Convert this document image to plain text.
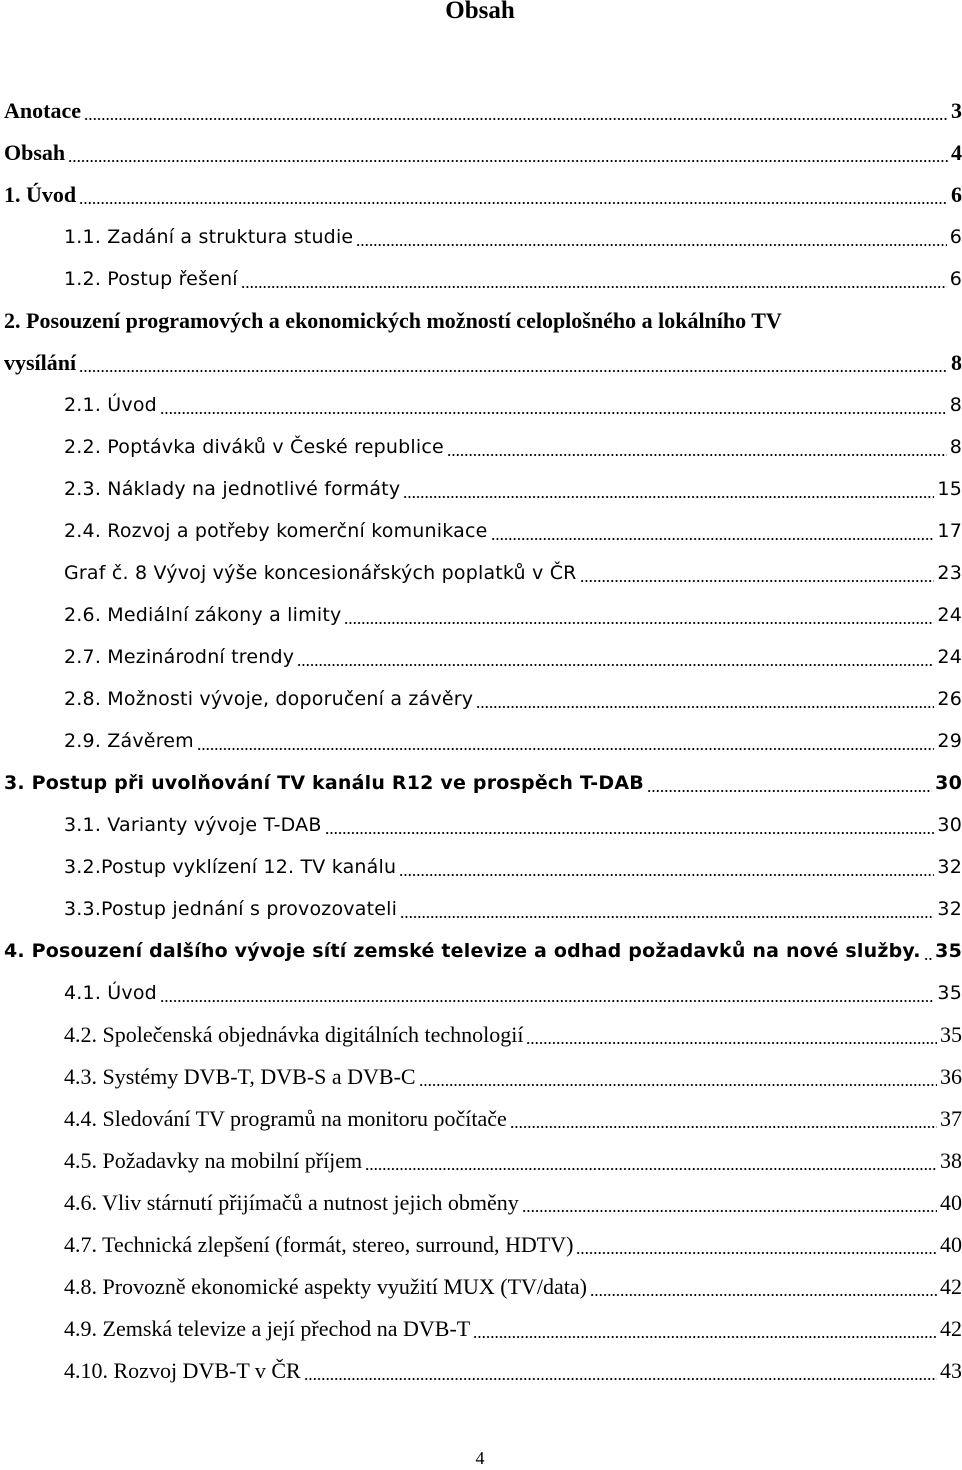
Obsah
Anotace	3
Obsah	4
1. Úvod	6
1.1. Zadání a struktura studie	6
1.2. Postup řešení	6
2. Posouzení programových a ekonomických možností celoplošného a lokálního TV
vysílání	8
2.1. Úvod	8
2.2. Poptávka diváků v České republice	8
2.3. Náklady na jednotlivé formáty	15
2.4. Rozvoj a potřeby komerční komunikace	17
Graf č. 8 Vývoj výše koncesionářských poplatků v ČR	23
2.6. Mediální zákony a limity	24
2.7. Mezinárodní trendy	24
2.8. Možnosti vývoje, doporučení a závěry	26
2.9. Závěrem	29
3. Postup při uvolňování TV kanálu R12 ve prospěch T-DAB	30
3.1. Varianty vývoje T-DAB	30
3.2.Postup vyklízení 12. TV kanálu	32
3.3.Postup jednání s provozovateli	32
4. Posouzení dalšího vývoje sítí zemské televize a odhad požadavků na nové služby. 35
4.1. Úvod	35
4.2. Společenská objednávka digitálních technologií	35
4.3. Systémy DVB-T, DVB-S a DVB-C	36
4.4. Sledování TV programů na monitoru počítače	37
4.5. Požadavky na mobilní příjem	38
4.6. Vliv stárnutí přijímačů a nutnost jejich obměny	40
4.7. Technická zlepšení (formát, stereo, surround, HDTV)	40
4.8. Provozně ekonomické aspekty využití MUX (TV/data)	42
4.9. Zemská televize a její přechod na DVB-T	42
4.10. Rozvoj DVB-T v ČR	43
4
